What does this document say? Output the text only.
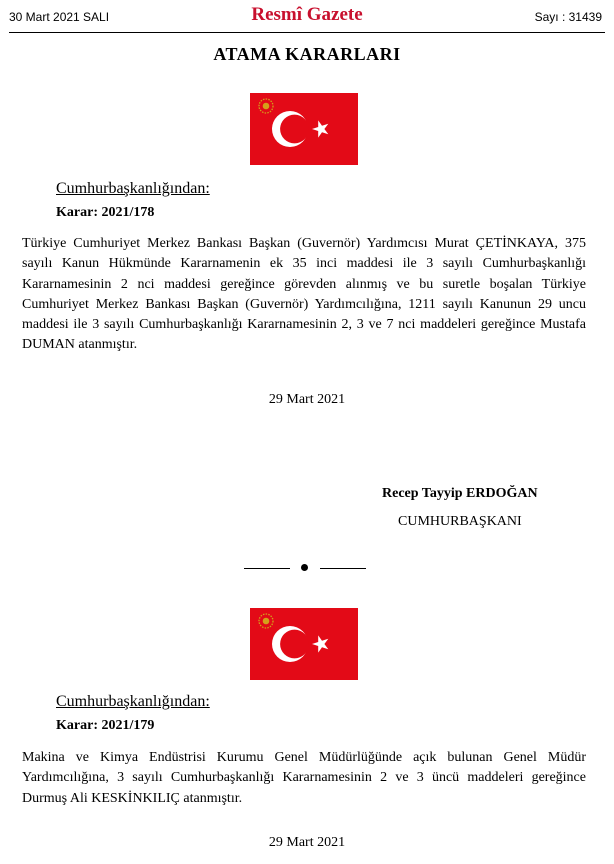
30 Mart 2021 SALI	Resmî Gazete	Sayı : 31439
ATAMA KARARLARI
Cumhurbaşkanlığından:
Karar: 2021/178
Türkiye Cumhuriyet Merkez Bankası Başkan (Guvernör) Yardımcısı Murat ÇETİNKAYA, 375 sayılı Kanun Hükmünde Kararnamenin ek 35 inci maddesi ile 3 sayılı Cumhurbaşkanlığı Kararnamesinin 2 nci maddesi gereğince görevden alınmış ve bu suretle boşalan Türkiye Cumhuriyet Merkez Bankası Başkan (Guvernör) Yardımcılığına, 1211 sayılı Kanunun 29 uncu maddesi ile 3 sayılı Cumhurbaşkanlığı Kararnamesinin 2, 3 ve 7 nci maddeleri gereğince Mustafa DUMAN atanmıştır.
29 Mart 2021
Recep Tayyip ERDOĞAN
CUMHURBAŞKANI
Cumhurbaşkanlığından:
Karar: 2021/179
Makina ve Kimya Endüstrisi Kurumu Genel Müdürlüğünde açık bulunan Genel Müdür Yardımcılığına, 3 sayılı Cumhurbaşkanlığı Kararnamesinin 2 ve 3 üncü maddeleri gereğince Durmuş Ali KESKİNKILIÇ atanmıştır.
29 Mart 2021
